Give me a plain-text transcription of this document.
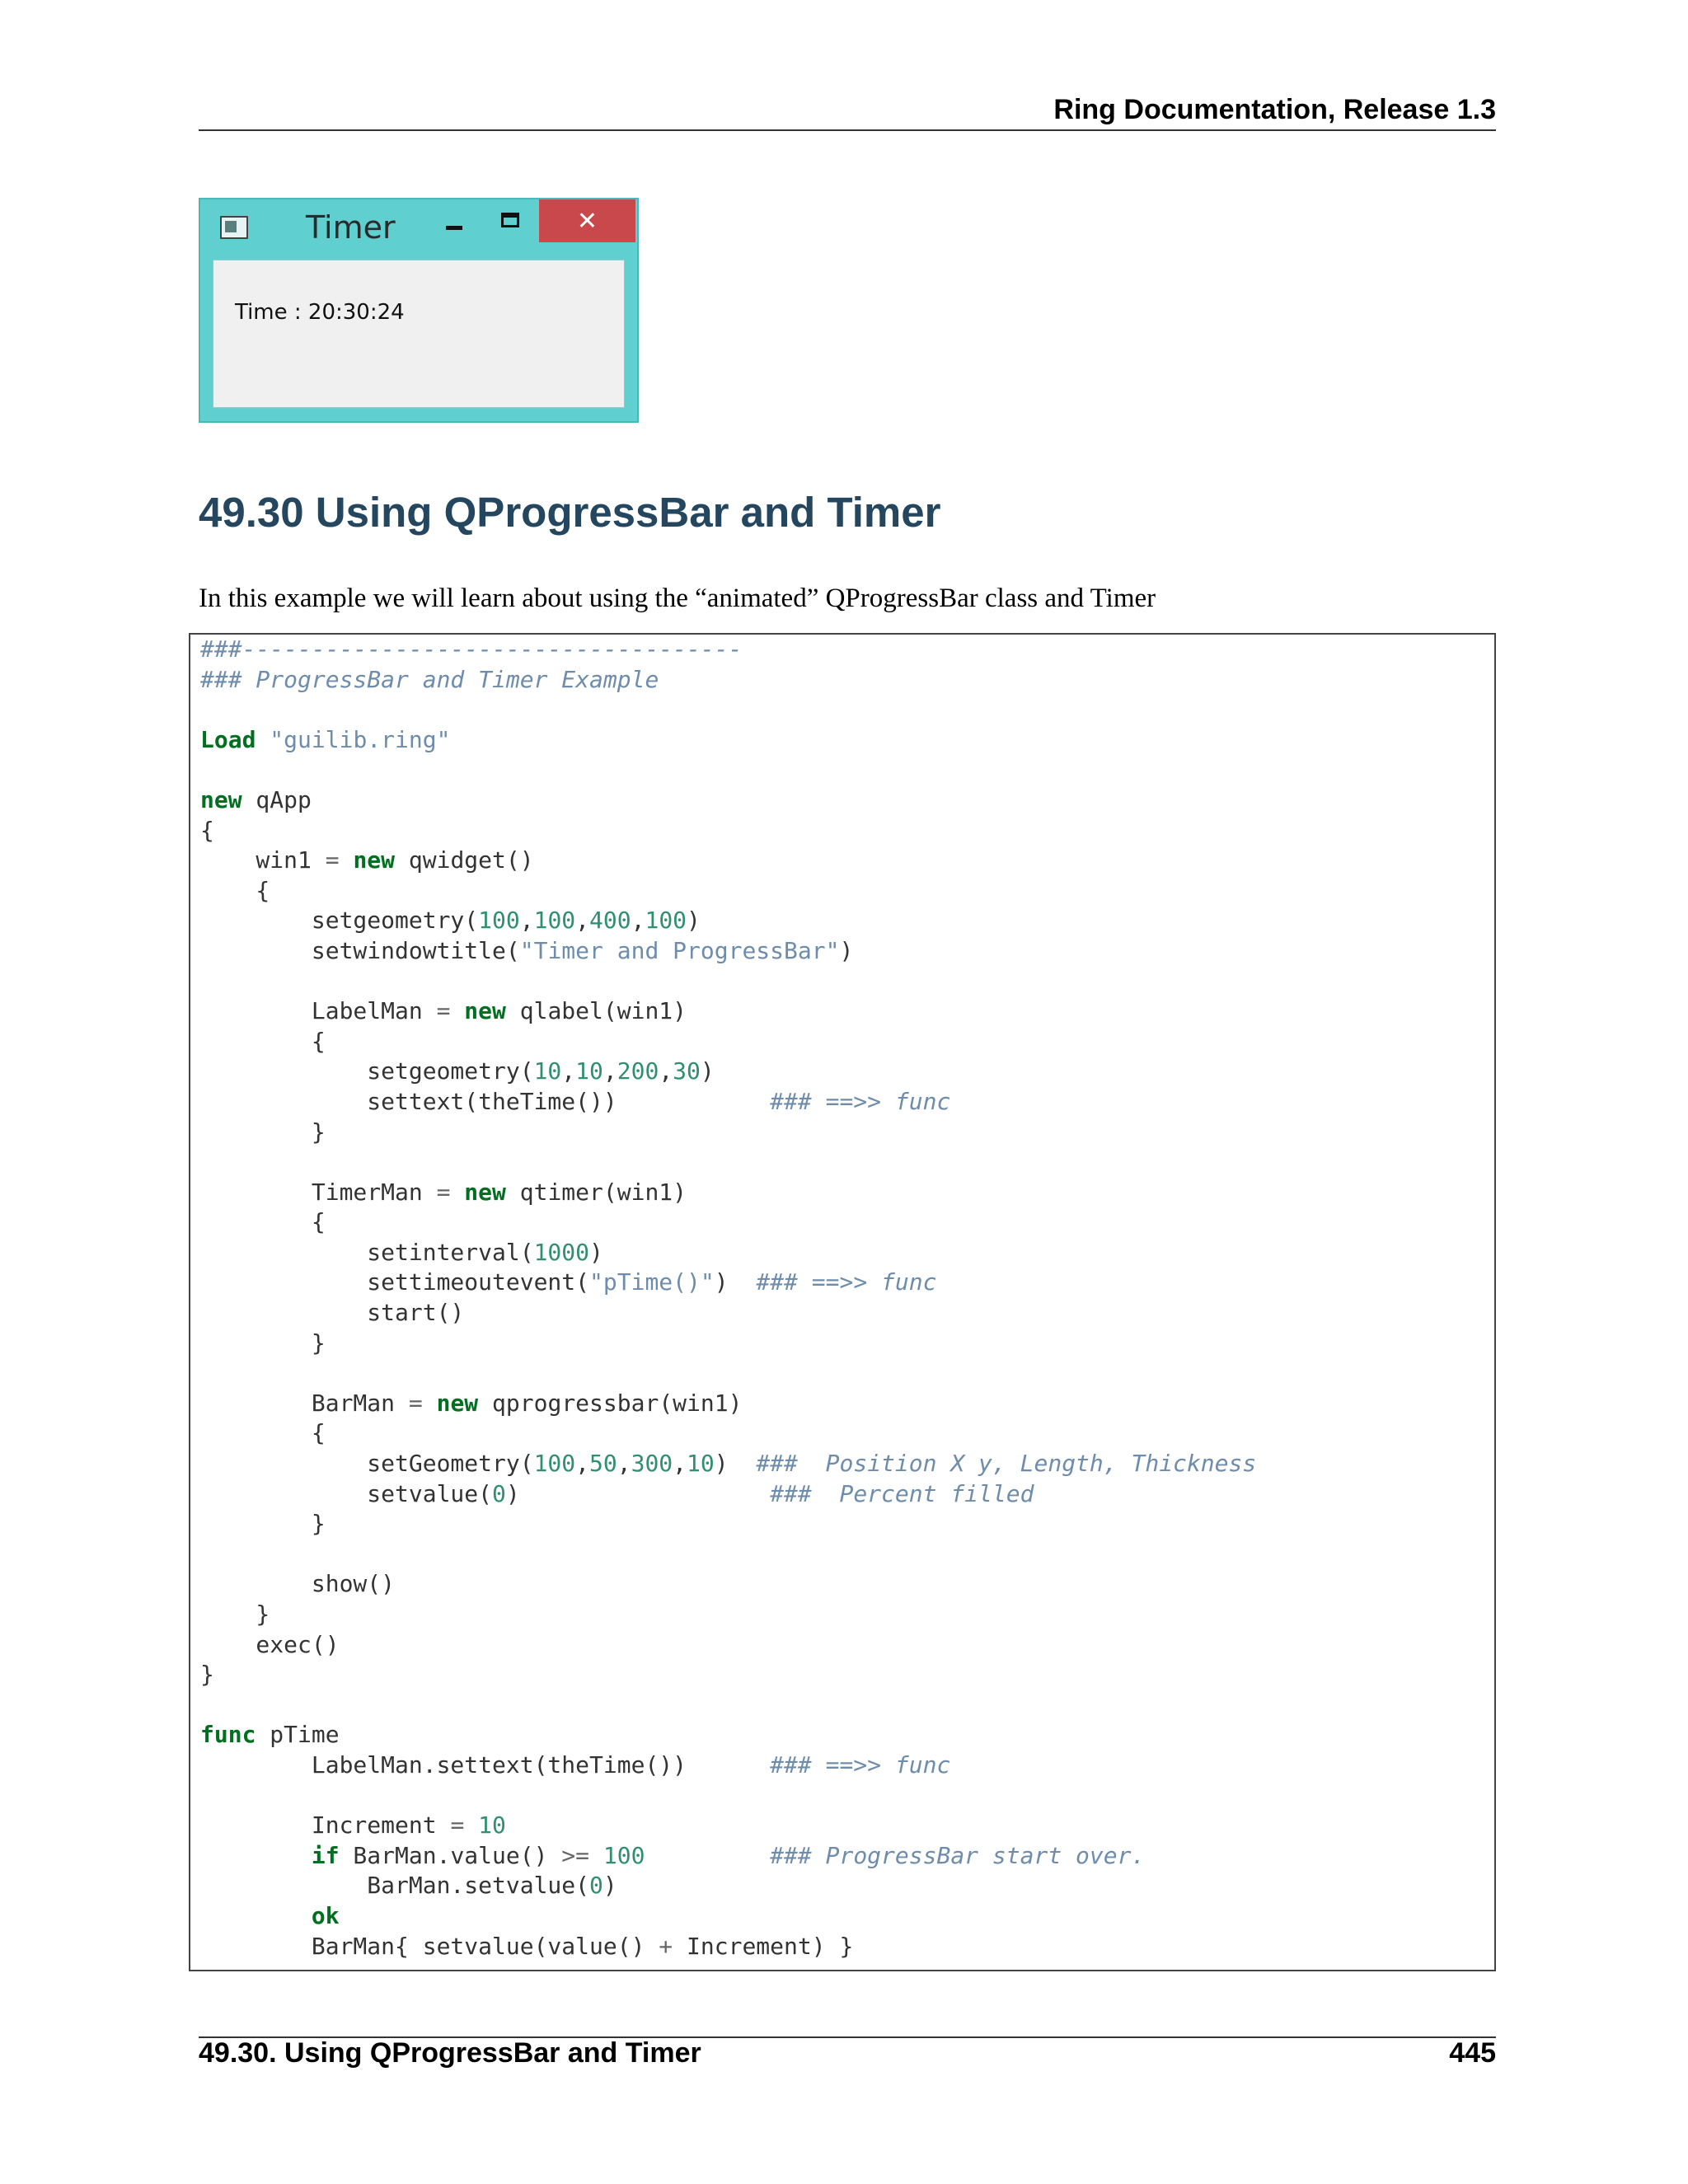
Ring Documentation, Release 1.3
Timer	✕
Time : 20:30:24
49.30 Using QProgressBar and Timer
In this example we will learn about using the “animated” QProgressBar class and Timer
###------------------------------------
### ProgressBar and Timer Example
Load "guilib.ring"
new qApp
{
win1 = new qwidget()
{
setgeometry(100,100,400,100)
setwindowtitle("Timer and ProgressBar")
LabelMan = new qlabel(win1)
{
setgeometry(10,10,200,30)
settext(theTime())           ### ==>> func
}
TimerMan = new qtimer(win1)
{
setinterval(1000)
settimeoutevent("pTime()")  ### ==>> func
start()
}
BarMan = new qprogressbar(win1)
{
setGeometry(100,50,300,10)  ###  Position X y, Length, Thickness
setvalue(0)                  ###  Percent filled
}
show()
}
exec()
}
func pTime
LabelMan.settext(theTime())      ### ==>> func
Increment = 10
if BarMan.value() >= 100	### ProgressBar start over.
BarMan.setvalue(0)
ok
BarMan{ setvalue(value() + Increment) }
49.30. Using QProgressBar and Timer	445
